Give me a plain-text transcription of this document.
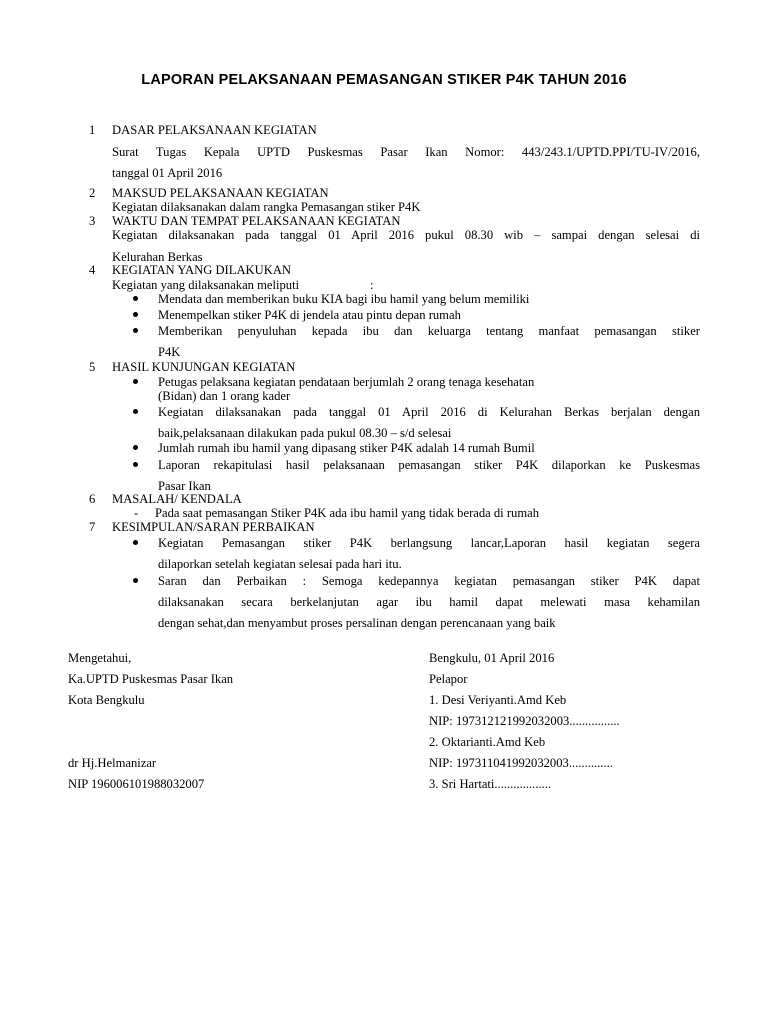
LAPORAN PELAKSANAAN PEMASANGAN STIKER P4K TAHUN 2016
1 DASAR PELAKSANAAN KEGIATAN
Surat Tugas Kepala UPTD Puskesmas Pasar Ikan Nomor: 443/243.1/UPTD.PPI/TU-IV/2016,
tanggal 01 April 2016
2 MAKSUD PELAKSANAAN KEGIATAN
Kegiatan dilaksanakan dalam rangka Pemasangan stiker P4K
3 WAKTU DAN TEMPAT PELAKSANAAN KEGIATAN
Kegiatan dilaksanakan pada tanggal 01 April 2016 pukul 08.30 wib – sampai dengan selesai di
Kelurahan Berkas
4 KEGIATAN YANG DILAKUKAN
Kegiatan yang dilaksanakan meliputi	:
Mendata dan memberikan buku KIA bagi ibu hamil yang belum memiliki
Menempelkan stiker P4K di jendela atau pintu depan rumah
Memberikan penyuluhan kepada ibu dan keluarga tentang manfaat pemasangan stiker
P4K
5 HASIL KUNJUNGAN KEGIATAN
Petugas pelaksana kegiatan pendataan berjumlah 2 orang tenaga kesehatan
(Bidan) dan 1 orang kader
Kegiatan dilaksanakan pada tanggal 01 April 2016 di Kelurahan Berkas berjalan dengan
baik,pelaksanaan dilakukan pada pukul 08.30 – s/d selesai
Jumlah rumah ibu hamil yang dipasang stiker P4K adalah 14 rumah Bumil
Laporan rekapitulasi hasil pelaksanaan pemasangan stiker P4K dilaporkan ke Puskesmas
Pasar Ikan
6 MASALAH/ KENDALA
- Pada saat pemasangan Stiker P4K ada ibu hamil yang tidak berada di rumah
7 KESIMPULAN/SARAN PERBAIKAN
Kegiatan Pemasangan stiker P4K berlangsung lancar,Laporan hasil kegiatan segera
dilaporkan setelah kegiatan selesai pada hari itu.
Saran dan Perbaikan : Semoga kedepannya kegiatan pemasangan stiker P4K dapat
dilaksanakan secara berkelanjutan agar ibu hamil dapat melewati masa kehamilan
dengan sehat,dan menyambut proses persalinan dengan perencanaan yang baik
Mengetahui,
Ka.UPTD Puskesmas Pasar Ikan
Kota Bengkulu
dr Hj.Helmanizar
NIP 196006101988032007
Bengkulu, 01 April 2016
Pelapor
1. Desi Veriyanti.Amd Keb
NIP: 197312121992032003................
2. Oktarianti.Amd Keb
NIP: 197311041992032003..............
3. Sri Hartati..................
